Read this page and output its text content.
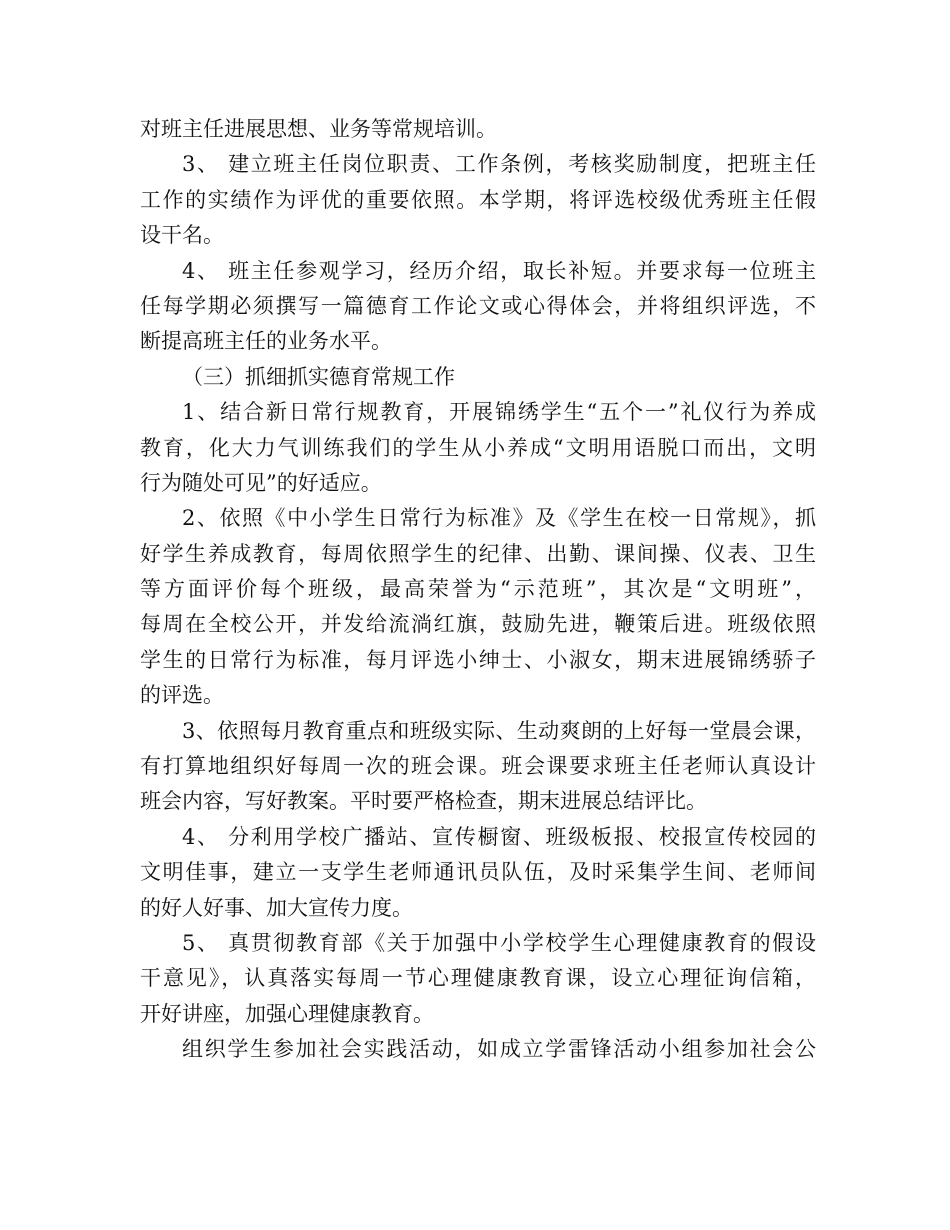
对班主任进展思想、业务等常规培训。
3、 建立班主任岗位职责、工作条例，考核奖励制度，把班主任
工作的实绩作为评优的重要依照。本学期，将评选校级优秀班主任假
设干名。
4、 班主任参观学习，经历介绍，取长补短。并要求每一位班主
任每学期必须撰写一篇德育工作论文或心得体会，并将组织评选，不
断提高班主任的业务水平。
（三）抓细抓实德育常规工作
1、结合新日常行规教育，开展锦绣学生“五个一”礼仪行为养成
教育，化大力气训练我们的学生从小养成“文明用语脱口而出，文明
行为随处可见”的好适应。
2、依照《中小学生日常行为标准》及《学生在校一日常规》，抓
好学生养成教育，每周依照学生的纪律、出勤、课间操、仪表、卫生
等方面评价每个班级，最高荣誉为“示范班”，其次是“文明班”，
每周在全校公开，并发给流淌红旗，鼓励先进，鞭策后进。班级依照
学生的日常行为标准，每月评选小绅士、小淑女，期末进展锦绣骄子
的评选。
3、依照每月教育重点和班级实际、生动爽朗的上好每一堂晨会课，
有打算地组织好每周一次的班会课。班会课要求班主任老师认真设计
班会内容，写好教案。平时要严格检查，期末进展总结评比。
4、 分利用学校广播站、宣传橱窗、班级板报、校报宣传校园的
文明佳事，建立一支学生老师通讯员队伍，及时采集学生间、老师间
的好人好事、加大宣传力度。
5、 真贯彻教育部《关于加强中小学校学生心理健康教育的假设
干意见》，认真落实每周一节心理健康教育课，设立心理征询信箱，
开好讲座，加强心理健康教育。
组织学生参加社会实践活动，如成立学雷锋活动小组参加社会公
